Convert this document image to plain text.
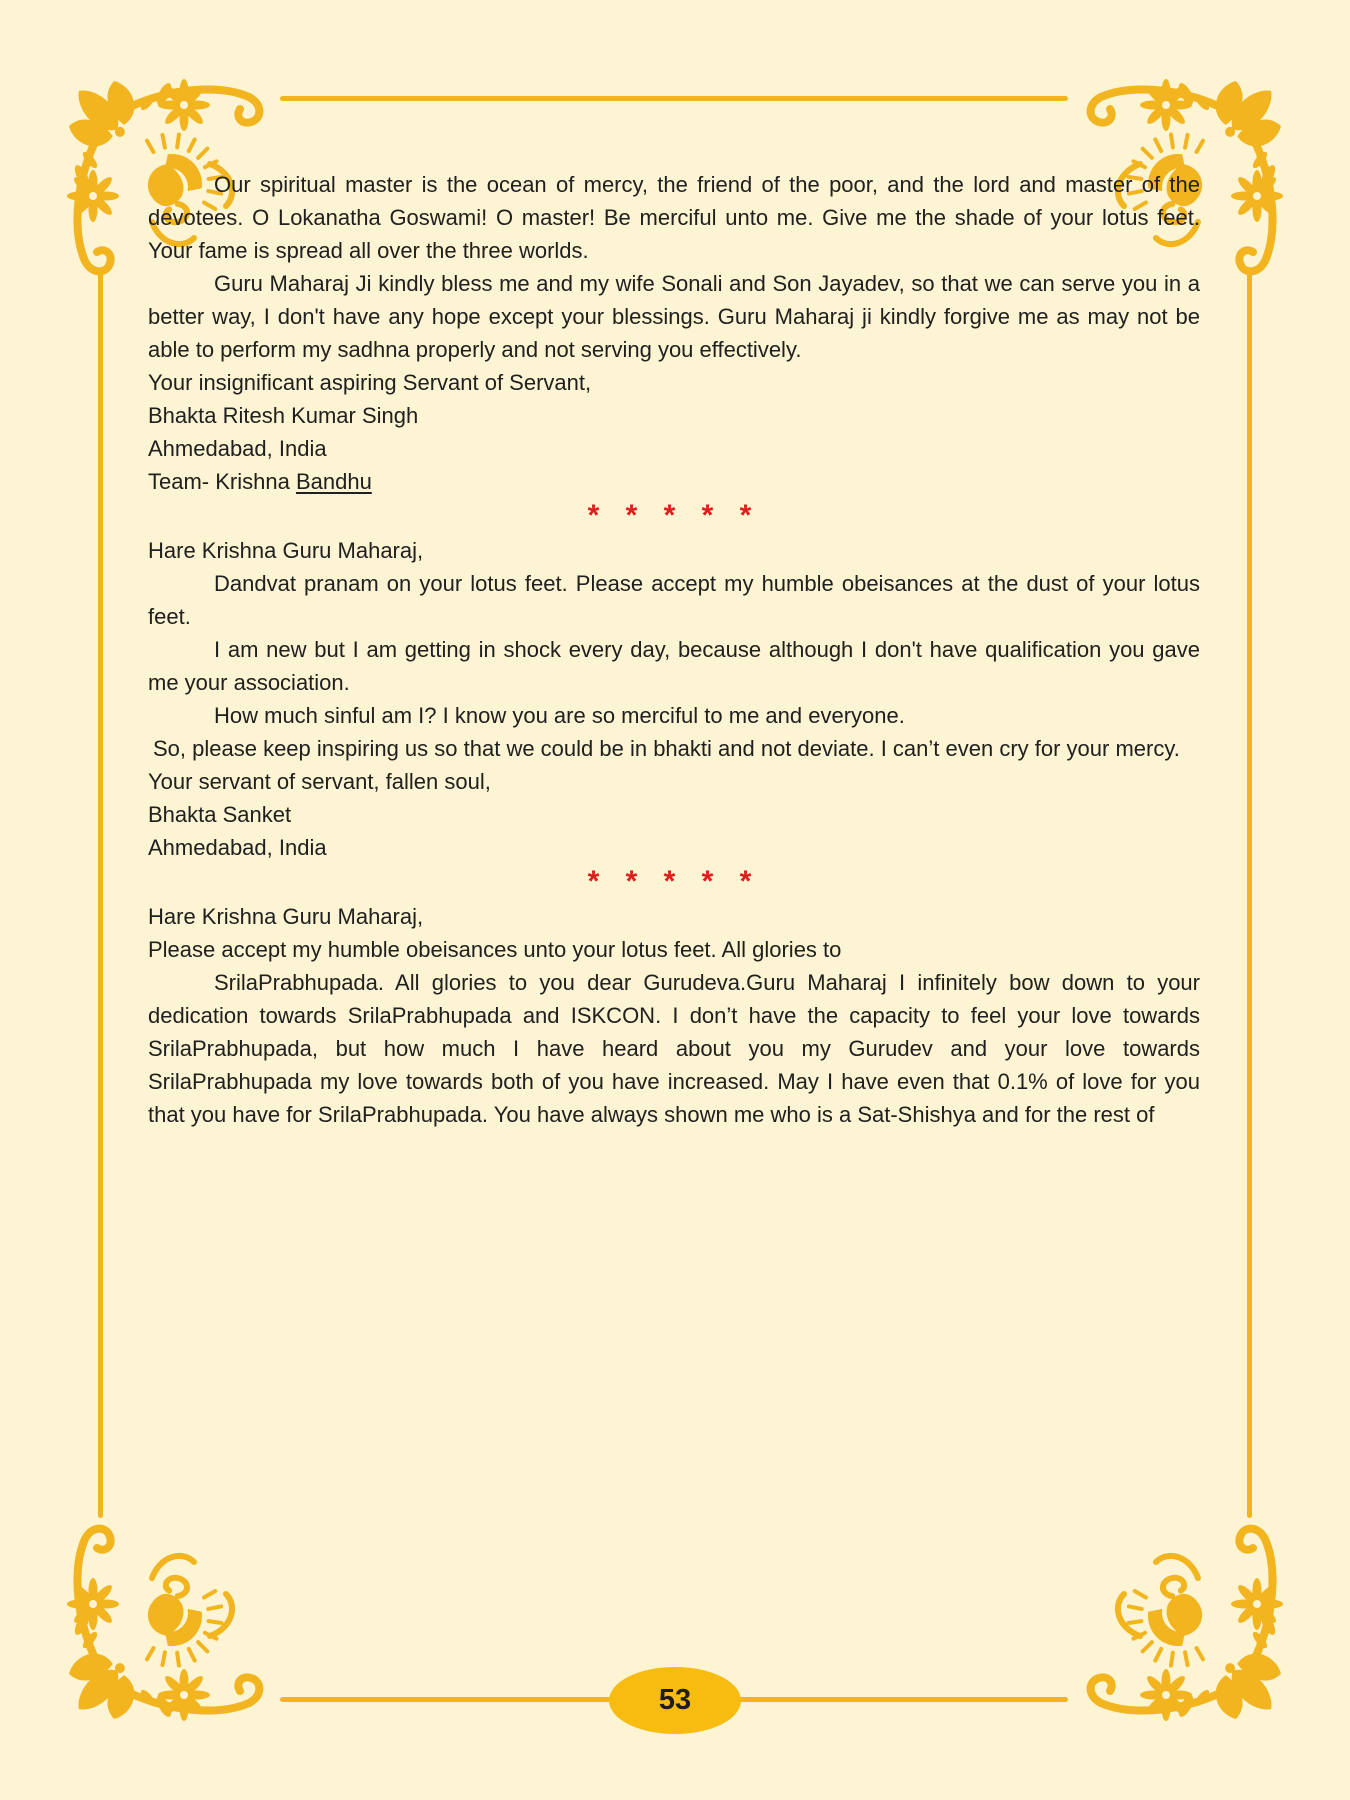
Our spiritual master is the ocean of mercy, the friend of the poor, and the lord and master of the devotees. O Lokanatha Goswami! O master! Be merciful unto me. Give me the shade of your lotus feet. Your fame is spread all over the three worlds.

Guru Maharaj Ji kindly bless me and my wife Sonali and Son Jayadev, so that we can serve you in a better way, I don't have any hope except your blessings. Guru Maharaj ji kindly forgive me as may not be able to perform my sadhna properly and not serving you effectively.

Your insignificant aspiring Servant of Servant,

Bhakta Ritesh Kumar Singh

Ahmedabad, India

Team- Krishna Bandhu

* * * * *

Hare Krishna Guru Maharaj,

Dandvat pranam on your lotus feet. Please accept my humble obeisances at the dust of your lotus feet.

I am new but I am getting in shock every day, because although I don't have qualification you gave me your association.

How much sinful am I? I know you are so merciful to me and everyone.

So, please keep inspiring us so that we could be in bhakti and not deviate. I can’t even cry for your mercy.

Your servant of servant, fallen soul,

Bhakta Sanket

Ahmedabad, India

* * * * *

Hare Krishna Guru Maharaj,

Please accept my humble obeisances unto your lotus feet. All glories to

SrilaPrabhupada. All glories to you dear Gurudeva.Guru Maharaj I infinitely bow down to your dedication towards SrilaPrabhupada and ISKCON. I don’t have the capacity to feel your love towards SrilaPrabhupada, but how much I have heard about you my Gurudev and your love towards SrilaPrabhupada my love towards both of you have increased. May I have even that 0.1% of love for you that you have for SrilaPrabhupada. You have always shown me who is a Sat-Shishya and for the rest of

53
